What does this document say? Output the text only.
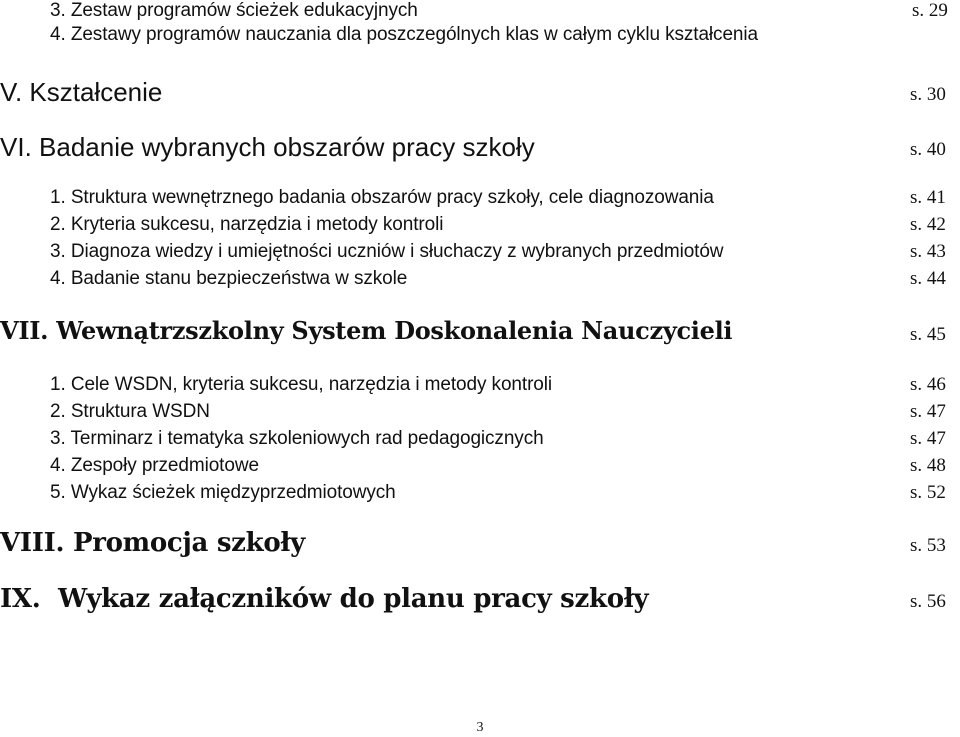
3. Zestaw programów ścieżek edukacyjnych	s. 29
4. Zestawy programów nauczania dla poszczególnych klas w całym cyklu kształcenia
V. Kształcenie	s. 30
VI. Badanie wybranych obszarów pracy szkoły	s. 40
1. Struktura wewnętrznego badania obszarów pracy szkoły, cele diagnozowania	s. 41
2. Kryteria sukcesu, narzędzia i metody kontroli	s. 42
3. Diagnoza wiedzy i umiejętności uczniów i słuchaczy z wybranych przedmiotów	s. 43
4. Badanie stanu bezpieczeństwa w szkole	s. 44
VII. Wewnątrzszkolny System Doskonalenia Nauczycieli	s. 45
1. Cele WSDN, kryteria sukcesu, narzędzia i metody kontroli	s. 46
2. Struktura WSDN	s. 47
3. Terminarz i tematyka szkoleniowych rad pedagogicznych	s. 47
4. Zespoły przedmiotowe	s. 48
5. Wykaz ścieżek międzyprzedmiotowych	s. 52
VIII. Promocja szkoły	s. 53
IX.  Wykaz załączników do planu pracy szkoły	s. 56
3
